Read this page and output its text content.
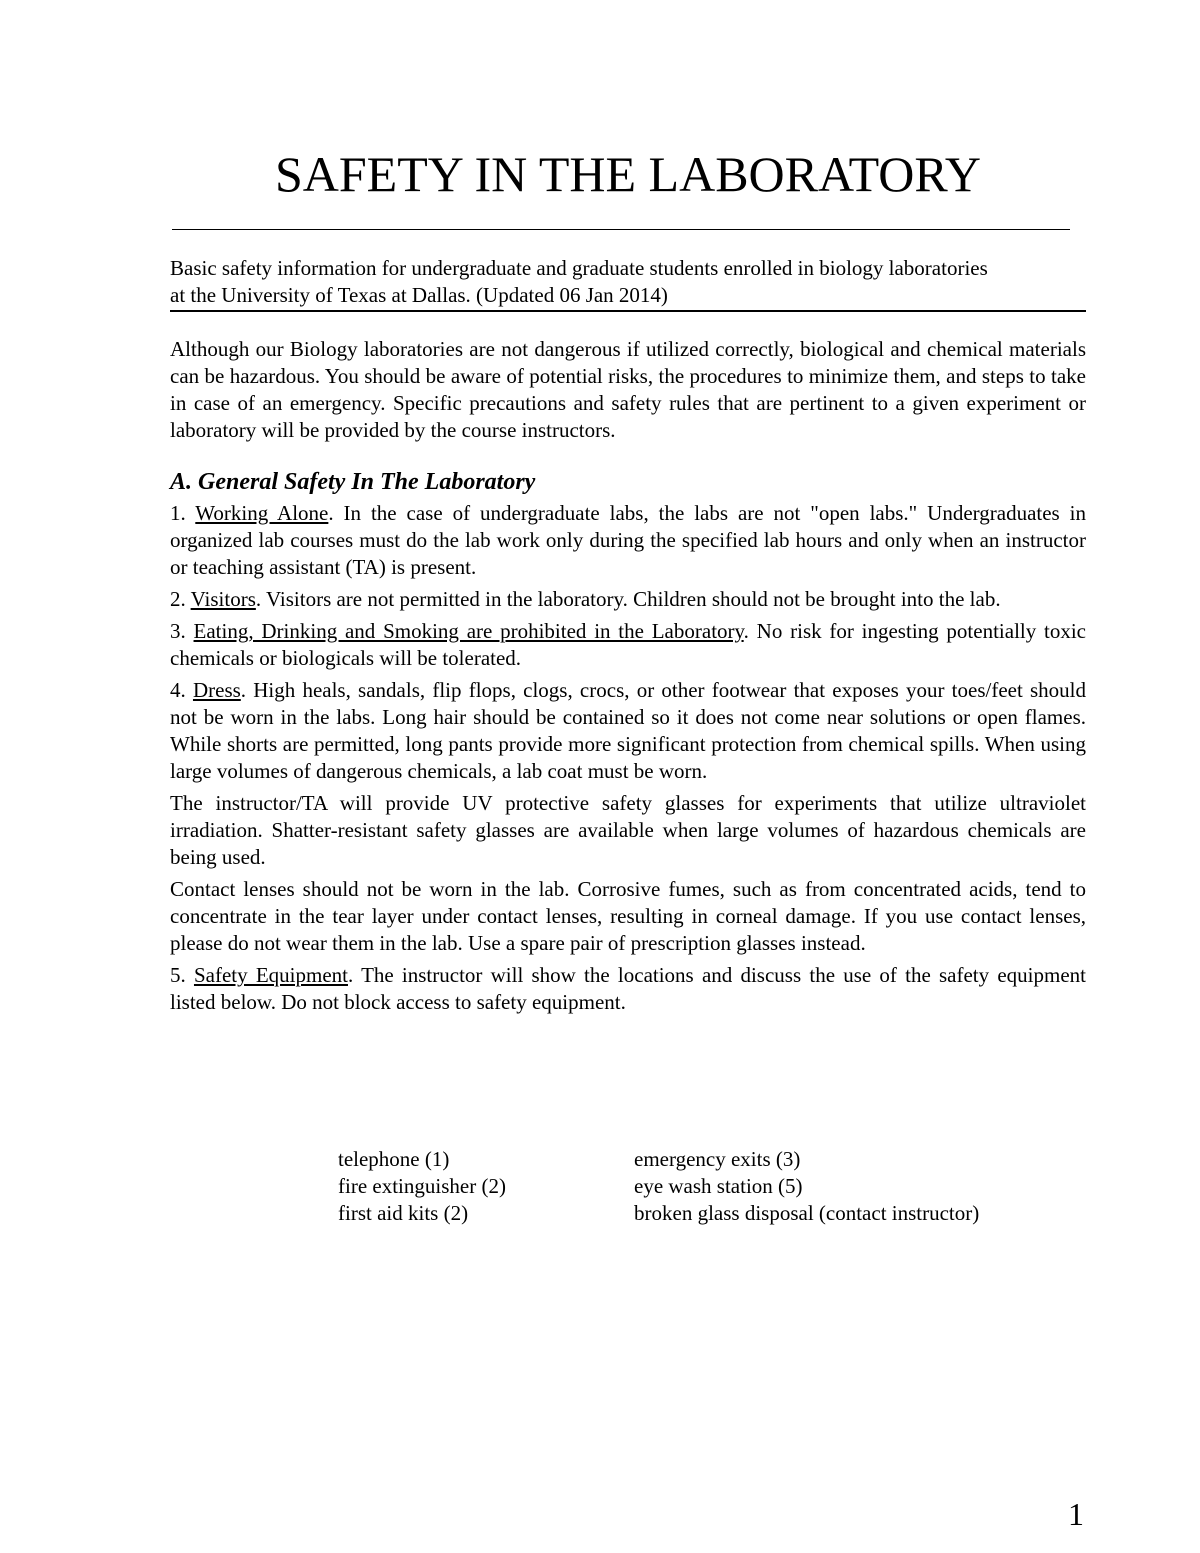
SAFETY IN THE LABORATORY
Basic safety information for undergraduate and graduate students enrolled in biology laboratories
at the University of Texas at Dallas. (Updated 06 Jan 2014)

Although our Biology laboratories are not dangerous if utilized correctly, biological and chemical materials can be hazardous. You should be aware of potential risks, the procedures to minimize them, and steps to take in case of an emergency. Specific precautions and safety rules that are pertinent to a given experiment or laboratory will be provided by the course instructors.

A. General Safety In The Laboratory

1. Working Alone. In the case of undergraduate labs, the labs are not "open labs." Undergraduates in organized lab courses must do the lab work only during the specified lab hours and only when an instructor or teaching assistant (TA) is present.

2. Visitors. Visitors are not permitted in the laboratory. Children should not be brought into the lab.

3. Eating, Drinking and Smoking are prohibited in the Laboratory. No risk for ingesting potentially toxic chemicals or biologicals will be tolerated.

4. Dress. High heals, sandals, flip flops, clogs, crocs, or other footwear that exposes your toes/feet should not be worn in the labs. Long hair should be contained so it does not come near solutions or open flames. While shorts are permitted, long pants provide more significant protection from chemical spills. When using large volumes of dangerous chemicals, a lab coat must be worn.

The instructor/TA will provide UV protective safety glasses for experiments that utilize ultraviolet irradiation. Shatter-resistant safety glasses are available when large volumes of hazardous chemicals are being used.

Contact lenses should not be worn in the lab. Corrosive fumes, such as from concentrated acids, tend to concentrate in the tear layer under contact lenses, resulting in corneal damage. If you use contact lenses, please do not wear them in the lab. Use a spare pair of prescription glasses instead.

5. Safety Equipment. The instructor will show the locations and discuss the use of the safety equipment listed below. Do not block access to safety equipment.

telephone (1)
fire extinguisher (2)
first aid kits (2)
emergency exits (3)
eye wash station (5)
broken glass disposal (contact instructor)
1
